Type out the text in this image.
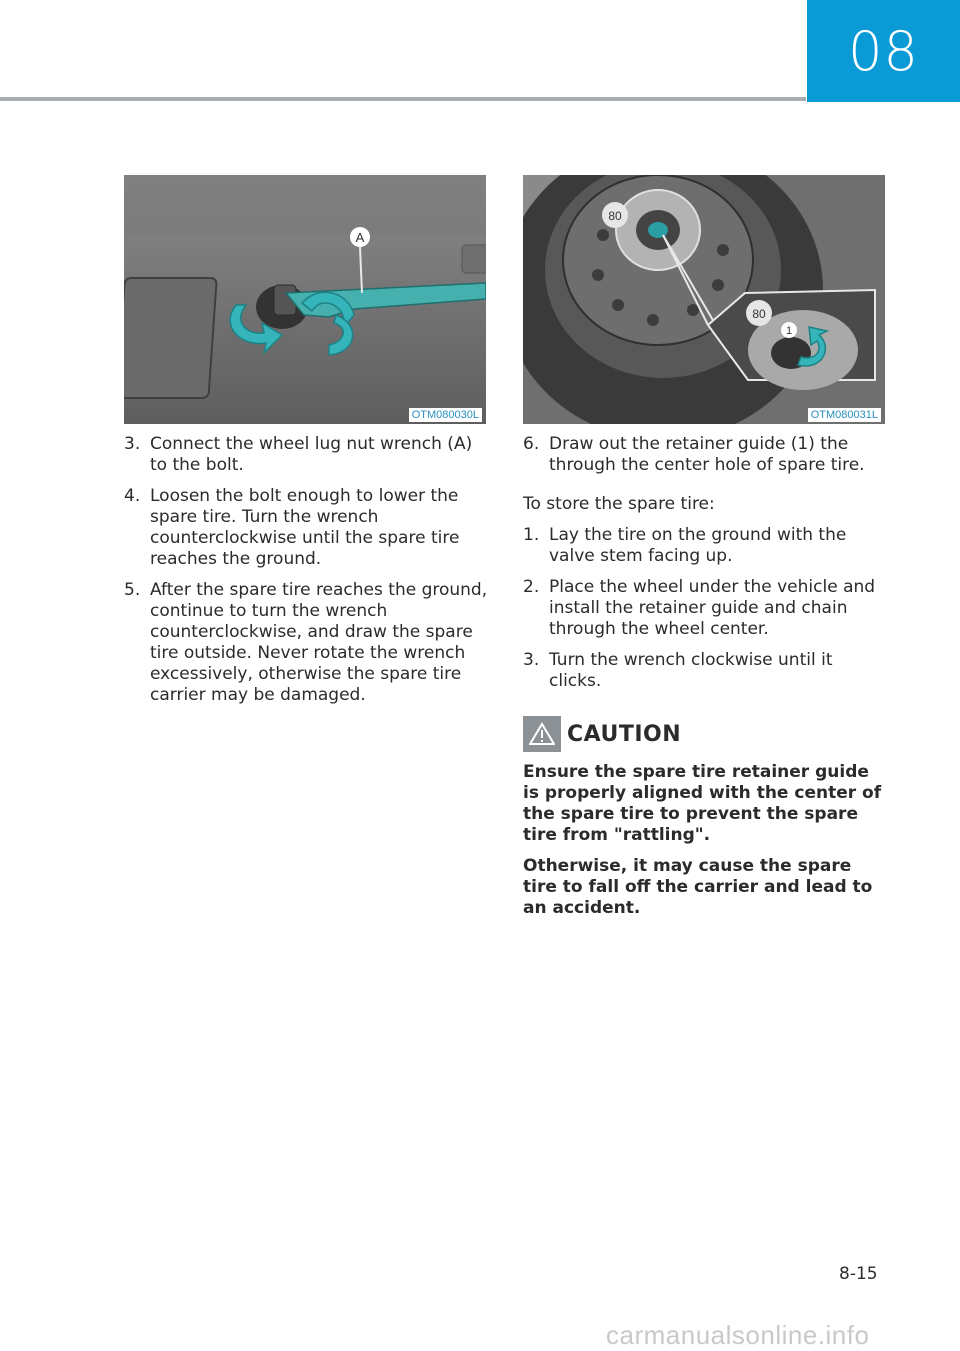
08
A
OTM080030L
80
80
1
OTM080031L
3. Connect the wheel lug nut wrench (A) to the bolt.
4. Loosen the bolt enough to lower the spare tire. Turn the wrench counterclockwise until the spare tire reaches the ground.
5. After the spare tire reaches the ground, continue to turn the wrench counterclockwise, and draw the spare tire outside. Never rotate the wrench excessively, otherwise the spare tire carrier may be damaged.
6. Draw out the retainer guide (1) the through the center hole of spare tire.

To store the spare tire:

1. Lay the tire on the ground with the valve stem facing up.
2. Place the wheel under the vehicle and install the retainer guide and chain through the wheel center.
3. Turn the wrench clockwise until it clicks.
CAUTION

Ensure the spare tire retainer guide is properly aligned with the center of the spare tire to prevent the spare tire from "rattling".

Otherwise, it may cause the spare tire to fall off the carrier and lead to an accident.

8-15
carmanualsonline.info
